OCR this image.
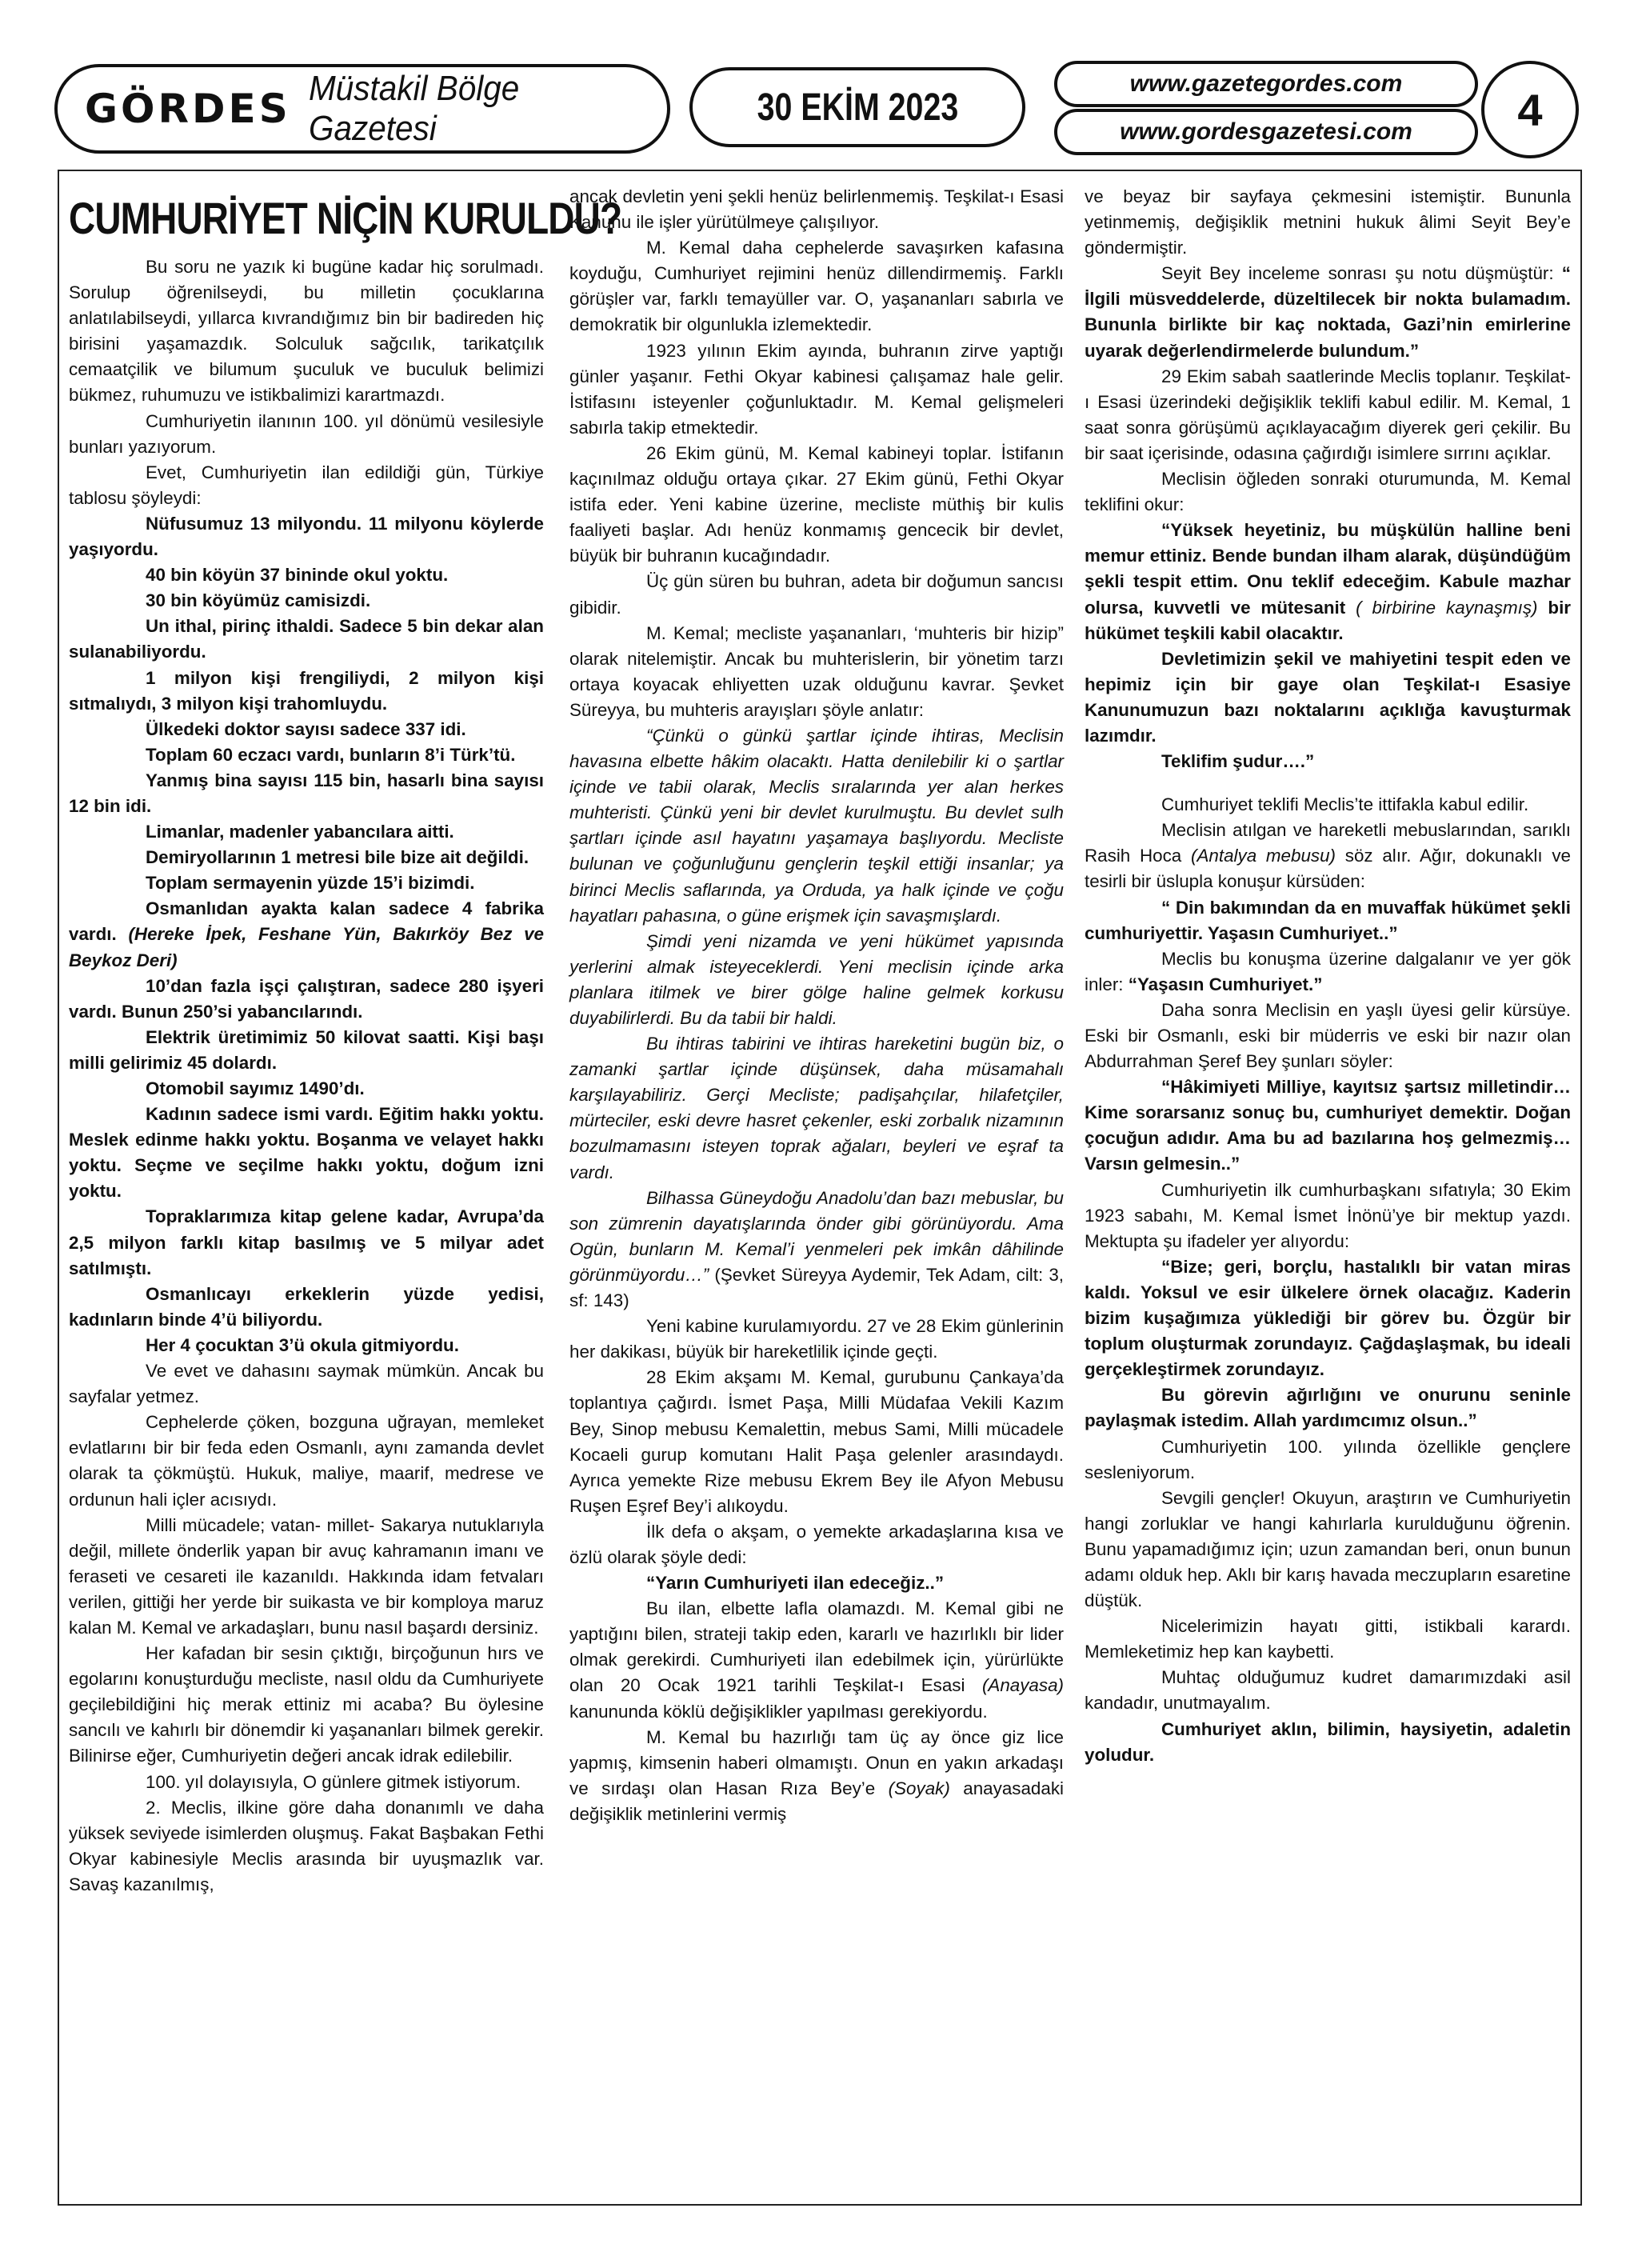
GÖRDES Müstakil Bölge Gazetesi	30 EKİM 2023
www.gazetegordes.com
www.gordesgazetesi.com	4
CUMHURİYET NİÇİN KURULDU?

Bu soru ne yazık ki bugüne kadar hiç sorulmadı. Sorulup öğrenilseydi, bu milletin çocuklarına anlatılabilseydi, yıllarca kıvrandığımız bin bir badireden hiç birisini yaşamazdık. Solculuk sağcılık, tarikatçılık cemaatçilik ve bilumum şuculuk ve buculuk belimizi bükmez, ruhumuzu ve istikbalimizi karartmazdı.

Cumhuriyetin ilanının 100. yıl dönümü vesilesiyle bunları yazıyorum.

Evet, Cumhuriyetin ilan edildiği gün, Türkiye tablosu şöyleydi:

Nüfusumuz 13 milyondu. 11 milyonu köylerde yaşıyordu.

40 bin köyün 37 bininde okul yoktu.

30 bin köyümüz camisizdi.

Un ithal, pirinç ithaldi. Sadece 5 bin dekar alan sulanabiliyordu.

1 milyon kişi frengiliydi, 2 milyon kişi sıtmalıydı, 3 milyon kişi trahomluydu.

Ülkedeki doktor sayısı sadece 337 idi.

Toplam 60 eczacı vardı, bunların 8’i Türk’tü.

Yanmış bina sayısı 115 bin, hasarlı bina sayısı 12 bin idi.

Limanlar, madenler yabancılara aitti.

Demiryollarının 1 metresi bile bize ait değildi.

Toplam sermayenin yüzde 15’i bizimdi.

Osmanlıdan ayakta kalan sadece 4 fabrika vardı. (Hereke İpek, Feshane Yün, Bakırköy Bez ve Beykoz Deri)

10’dan fazla işçi çalıştıran, sadece 280 işyeri vardı. Bunun 250’si yabancılarındı.

Elektrik üretimimiz 50 kilovat saatti. Kişi başı milli gelirimiz 45 dolardı.

Otomobil sayımız 1490’dı.

Kadının sadece ismi vardı. Eğitim hakkı yoktu. Meslek edinme hakkı yoktu. Boşanma ve velayet hakkı yoktu. Seçme ve seçilme hakkı yoktu, doğum izni yoktu.

Topraklarımıza kitap gelene kadar, Avrupa’da 2,5 milyon farklı kitap basılmış ve 5 milyar adet satılmıştı.

Osmanlıcayı erkeklerin yüzde yedisi, kadınların binde 4’ü biliyordu.

Her 4 çocuktan 3’ü okula gitmiyordu.

Ve evet ve dahasını saymak mümkün. Ancak bu sayfalar yetmez.

Cephelerde çöken, bozguna uğrayan, memleket evlatlarını bir bir feda eden Osmanlı, aynı zamanda devlet olarak ta çökmüştü. Hukuk, maliye, maarif, medrese ve ordunun hali içler acısıydı.

Milli mücadele; vatan- millet- Sakarya nutuklarıyla değil, millete önderlik yapan bir avuç kahramanın imanı ve feraseti ve cesareti ile kazanıldı. Hakkında idam fetvaları verilen, gittiği her yerde bir suikasta ve bir komploya maruz kalan M. Kemal ve arkadaşları, bunu nasıl başardı dersiniz.

Her kafadan bir sesin çıktığı, birçoğunun hırs ve egolarını konuşturduğu mecliste, nasıl oldu da Cumhuriyete geçilebildiğini hiç merak ettiniz mi acaba? Bu öylesine sancılı ve kahırlı bir dönemdir ki yaşananları bilmek gerekir. Bilinirse eğer, Cumhuriyetin değeri ancak idrak edilebilir.

100. yıl dolayısıyla, O günlere gitmek istiyorum.

2. Meclis, ilkine göre daha donanımlı ve daha yüksek seviyede isimlerden oluşmuş. Fakat Başbakan Fethi Okyar kabinesiyle Meclis arasında bir uyuşmazlık var. Savaş kazanılmış,

ancak devletin yeni şekli henüz belirlenmemiş. Teşkilat-ı Esasi Kanunu ile işler yürütülmeye çalışılıyor.

M. Kemal daha cephelerde savaşırken kafasına koyduğu, Cumhuriyet rejimini henüz dillendirmemiş. Farklı görüşler var, farklı temayüller var. O, yaşananları sabırla ve demokratik bir olgunlukla izlemektedir.

1923 yılının Ekim ayında, buhranın zirve yaptığı günler yaşanır. Fethi Okyar kabinesi çalışamaz hale gelir. İstifasını isteyenler çoğunluktadır. M. Kemal gelişmeleri sabırla takip etmektedir.

26 Ekim günü, M. Kemal kabineyi toplar. İstifanın kaçınılmaz olduğu ortaya çıkar. 27 Ekim günü, Fethi Okyar istifa eder. Yeni kabine üzerine, mecliste müthiş bir kulis faaliyeti başlar. Adı henüz konmamış gencecik bir devlet, büyük bir buhranın kucağındadır.

Üç gün süren bu buhran, adeta bir doğumun sancısı gibidir.

M. Kemal; mecliste yaşananları, ‘muhteris bir hizip” olarak nitelemiştir. Ancak bu muhterislerin, bir yönetim tarzı ortaya koyacak ehliyetten uzak olduğunu kavrar. Şevket Süreyya, bu muhteris arayışları şöyle anlatır:

“Çünkü o günkü şartlar içinde ihtiras, Meclisin havasına elbette hâkim olacaktı. Hatta denilebilir ki o şartlar içinde ve tabii olarak, Meclis sıralarında yer alan herkes muhteristi. Çünkü yeni bir devlet kurulmuştu. Bu devlet sulh şartları içinde asıl hayatını yaşamaya başlıyordu. Mecliste bulunan ve çoğunluğunu gençlerin teşkil ettiği insanlar; ya birinci Meclis saflarında, ya Orduda, ya halk içinde ve çoğu hayatları pahasına, o güne erişmek için savaşmışlardı.

Şimdi yeni nizamda ve yeni hükümet yapısında yerlerini almak isteyeceklerdi. Yeni meclisin içinde arka planlara itilmek ve birer gölge haline gelmek korkusu duyabilirlerdi. Bu da tabii bir haldi.

Bu ihtiras tabirini ve ihtiras hareketini bugün biz, o zamanki şartlar içinde düşünsek, daha müsamahalı karşılayabiliriz. Gerçi Mecliste; padişahçılar, hilafetçiler, mürteciler, eski devre hasret çekenler, eski zorbalık nizamının bozulmamasını isteyen toprak ağaları, beyleri ve eşraf ta vardı.

Bilhassa Güneydoğu Anadolu’dan bazı mebuslar, bu son zümrenin dayatışlarında önder gibi görünüyordu. Ama Ogün, bunların M. Kemal’i yenmeleri pek imkân dâhilinde görünmüyordu…” (Şevket Süreyya Aydemir, Tek Adam, cilt: 3, sf: 143)

Yeni kabine kurulamıyordu. 27 ve 28 Ekim günlerinin her dakikası, büyük bir hareketlilik içinde geçti.

28 Ekim akşamı M. Kemal, gurubunu Çankaya’da toplantıya çağırdı. İsmet Paşa, Milli Müdafaa Vekili Kazım Bey, Sinop mebusu Kemalettin, mebus Sami, Milli mücadele Kocaeli gurup komutanı Halit Paşa gelenler arasındaydı. Ayrıca yemekte Rize mebusu Ekrem Bey ile Afyon Mebusu Ruşen Eşref Bey’i alıkoydu.

İlk defa o akşam, o yemekte arkadaşlarına kısa ve özlü olarak şöyle dedi:

“Yarın Cumhuriyeti ilan edeceğiz..”

Bu ilan, elbette lafla olamazdı. M. Kemal gibi ne yaptığını bilen, strateji takip eden, kararlı ve hazırlıklı bir lider olmak gerekirdi. Cumhuriyeti ilan edebilmek için, yürürlükte olan 20 Ocak 1921 tarihli Teşkilat-ı Esasi (Anayasa) kanununda köklü değişiklikler yapılması gerekiyordu.

M. Kemal bu hazırlığı tam üç ay önce giz lice yapmış, kimsenin haberi olmamıştı. Onun en yakın arkadaşı ve sırdaşı olan Hasan Rıza Bey’e (Soyak) anayasadaki değişiklik metinlerini vermiş

ve beyaz bir sayfaya çekmesini istemiştir. Bununla yetinmemiş, değişiklik metnini hukuk âlimi Seyit Bey’e göndermiştir.

Seyit Bey inceleme sonrası şu notu düşmüştür: “ İlgili müsveddelerde, düzeltilecek bir nokta bulamadım. Bununla birlikte bir kaç noktada, Gazi’nin emirlerine uyarak değerlendirmelerde bulundum.”

29 Ekim sabah saatlerinde Meclis toplanır. Teşkilat-ı Esasi üzerindeki değişiklik teklifi kabul edilir. M. Kemal, 1 saat sonra görüşümü açıklayacağım diyerek geri çekilir. Bu bir saat içerisinde, odasına çağırdığı isimlere sırrını açıklar.

Meclisin öğleden sonraki oturumunda, M. Kemal teklifini okur:

“Yüksek heyetiniz, bu müşkülün halline beni memur ettiniz. Bende bundan ilham alarak, düşündüğüm şekli tespit ettim. Onu teklif edeceğim. Kabule mazhar olursa, kuvvetli ve mütesanit ( birbirine kaynaşmış) bir hükümet teşkili kabil olacaktır.

Devletimizin şekil ve mahiyetini tespit eden ve hepimiz için bir gaye olan Teşkilat-ı Esasiye Kanunumuzun bazı noktalarını açıklığa kavuşturmak lazımdır.

Teklifim şudur….”

Cumhuriyet teklifi Meclis’te ittifakla kabul edilir.

Meclisin atılgan ve hareketli mebuslarından, sarıklı Rasih Hoca (Antalya mebusu) söz alır. Ağır, dokunaklı ve tesirli bir üslupla konuşur kürsüden:

“ Din bakımından da en muvaffak hükümet şekli cumhuriyettir. Yaşasın Cumhuriyet..”

Meclis bu konuşma üzerine dalgalanır ve yer gök inler: “Yaşasın Cumhuriyet.”

Daha sonra Meclisin en yaşlı üyesi gelir kürsüye. Eski bir Osmanlı, eski bir müderris ve eski bir nazır olan Abdurrahman Şeref Bey şunları söyler:

“Hâkimiyeti Milliye, kayıtsız şartsız milletindir… Kime sorarsanız sonuç bu, cumhuriyet demektir. Doğan çocuğun adıdır. Ama bu ad bazılarına hoş gelmezmiş…Varsın gelmesin..”

Cumhuriyetin ilk cumhurbaşkanı sıfatıyla; 30 Ekim 1923 sabahı, M. Kemal İsmet İnönü’ye bir mektup yazdı. Mektupta şu ifadeler yer alıyordu:

“Bize; geri, borçlu, hastalıklı bir vatan miras kaldı. Yoksul ve esir ülkelere örnek olacağız. Kaderin bizim kuşağımıza yüklediği bir görev bu. Özgür bir toplum oluşturmak zorundayız. Çağdaşlaşmak, bu ideali gerçekleştirmek zorundayız.

Bu görevin ağırlığını ve onurunu seninle paylaşmak istedim. Allah yardımcımız olsun..”

Cumhuriyetin 100. yılında özellikle gençlere sesleniyorum.

Sevgili gençler! Okuyun, araştırın ve Cumhuriyetin hangi zorluklar ve hangi kahırlarla kurulduğunu öğrenin. Bunu yapamadığımız için; uzun zamandan beri, onun bunun adamı olduk hep. Aklı bir karış havada meczupların esaretine düştük.

Nicelerimizin hayatı gitti, istikbali karardı. Memleketimiz hep kan kaybetti.

Muhtaç olduğumuz kudret damarımızdaki asil kandadır, unutmayalım.

Cumhuriyet aklın, bilimin, haysiyetin, adaletin yoludur.
